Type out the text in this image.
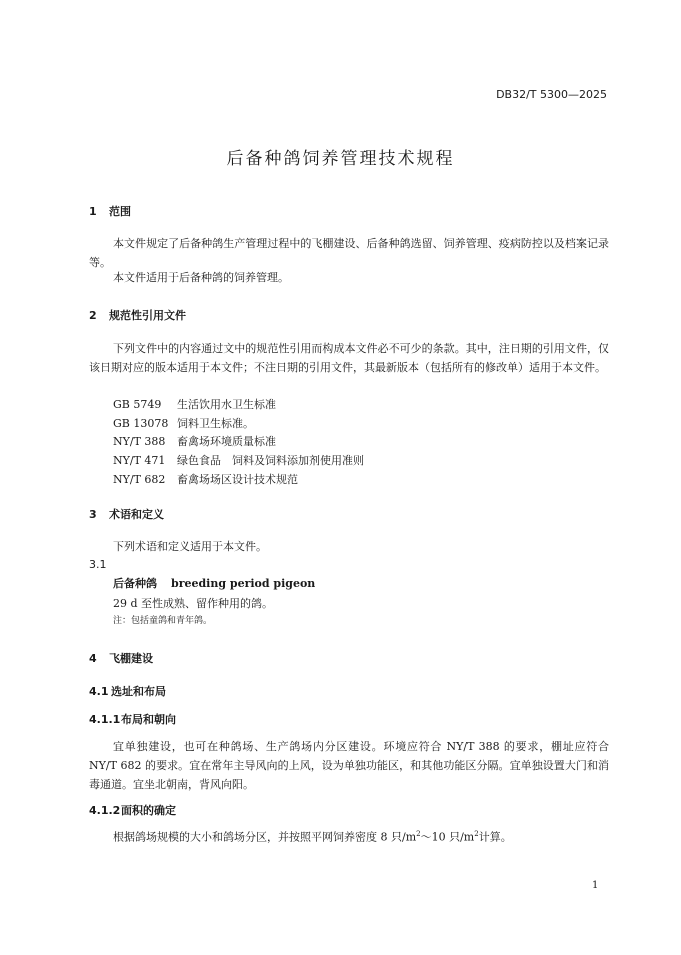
DB32/T 5300—2025
后备种鸽饲养管理技术规程
1 范围
本文件规定了后备种鸽生产管理过程中的飞棚建设、后备种鸽选留、饲养管理、疫病防控以及档案记录等。
本文件适用于后备种鸽的饲养管理。
2 规范性引用文件
下列文件中的内容通过文中的规范性引用而构成本文件必不可少的条款。其中，注日期的引用文件，仅该日期对应的版本适用于本文件；不注日期的引用文件，其最新版本（包括所有的修改单）适用于本文件。
GB 5749 生活饮用水卫生标准
GB 13078 饲料卫生标准。
NY/T 388 畜禽场环境质量标准
NY/T 471 绿色食品　饲料及饲料添加剂使用准则
NY/T 682 畜禽场场区设计技术规范
3 术语和定义
下列术语和定义适用于本文件。
3.1
后备种鸽 breeding period pigeon
29 d 至性成熟、留作种用的鸽。
注：包括童鸽和青年鸽。
4 飞棚建设
4.1 选址和布局
4.1.1布局和朝向
宜单独建设，也可在种鸽场、生产鸽场内分区建设。环境应符合 NY/T 388 的要求，棚址应符合 NY/T 682 的要求。宜在常年主导风向的上风，设为单独功能区，和其他功能区分隔。宜单独设置大门和消毒通道。宜坐北朝南，背风向阳。
4.1.2面积的确定
根据鸽场规模的大小和鸽场分区，并按照平网饲养密度 8 只$/m^2\sim 10$ 只$/m^2$计算。
1
